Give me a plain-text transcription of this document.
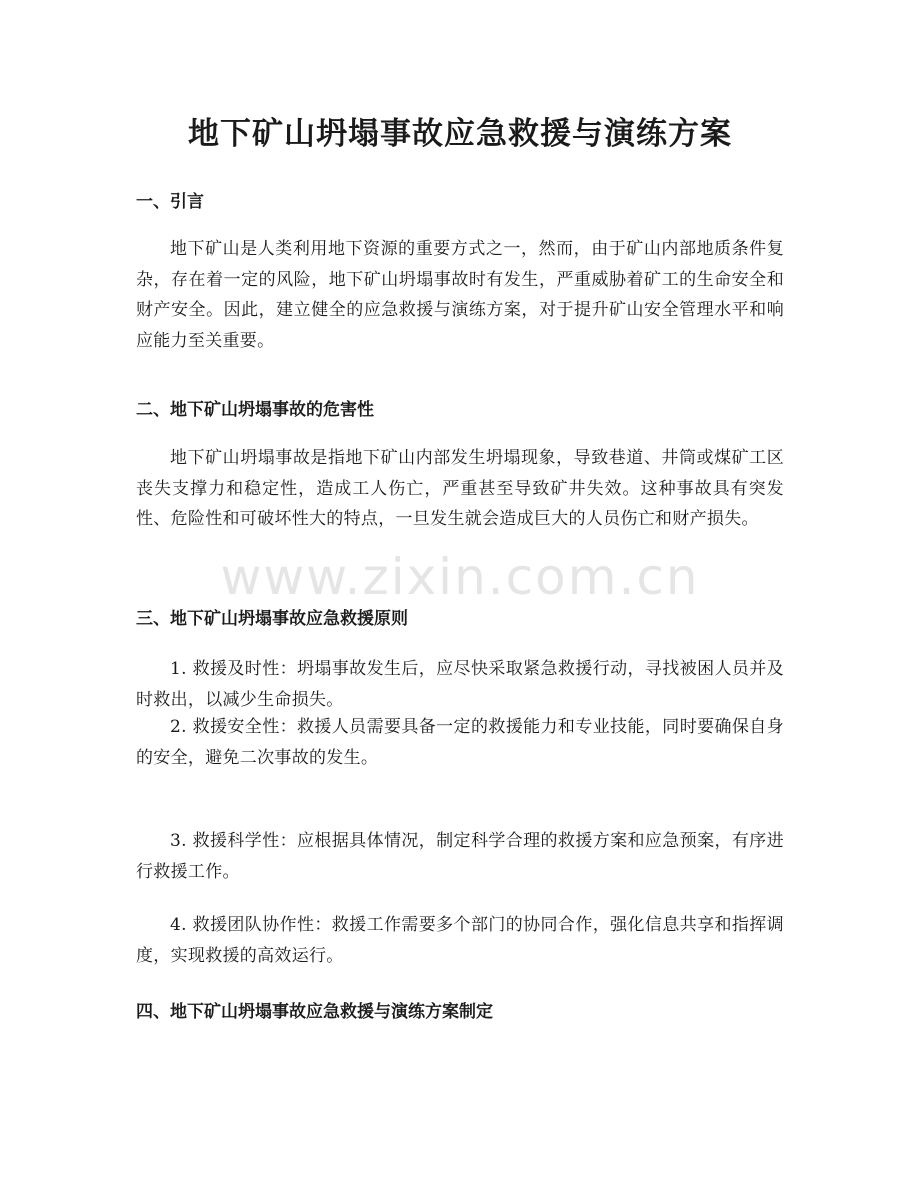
地下矿山坍塌事故应急救援与演练方案
一、引言

地下矿山是人类利用地下资源的重要方式之一，然而，由于矿山内部地质条件复杂，存在着一定的风险，地下矿山坍塌事故时有发生，严重威胁着矿工的生命安全和财产安全。因此，建立健全的应急救援与演练方案，对于提升矿山安全管理水平和响应能力至关重要。

二、地下矿山坍塌事故的危害性

地下矿山坍塌事故是指地下矿山内部发生坍塌现象，导致巷道、井筒或煤矿工区丧失支撑力和稳定性，造成工人伤亡，严重甚至导致矿井失效。这种事故具有突发性、危险性和可破坏性大的特点，一旦发生就会造成巨大的人员伤亡和财产损失。

三、地下矿山坍塌事故应急救援原则

1. 救援及时性：坍塌事故发生后，应尽快采取紧急救援行动，寻找被困人员并及时救出，以减少生命损失。

2. 救援安全性：救援人员需要具备一定的救援能力和专业技能，同时要确保自身的安全，避免二次事故的发生。

3. 救援科学性：应根据具体情况，制定科学合理的救援方案和应急预案，有序进行救援工作。

4. 救援团队协作性：救援工作需要多个部门的协同合作，强化信息共享和指挥调度，实现救援的高效运行。

四、地下矿山坍塌事故应急救援与演练方案制定
www.zixin.com.cn
